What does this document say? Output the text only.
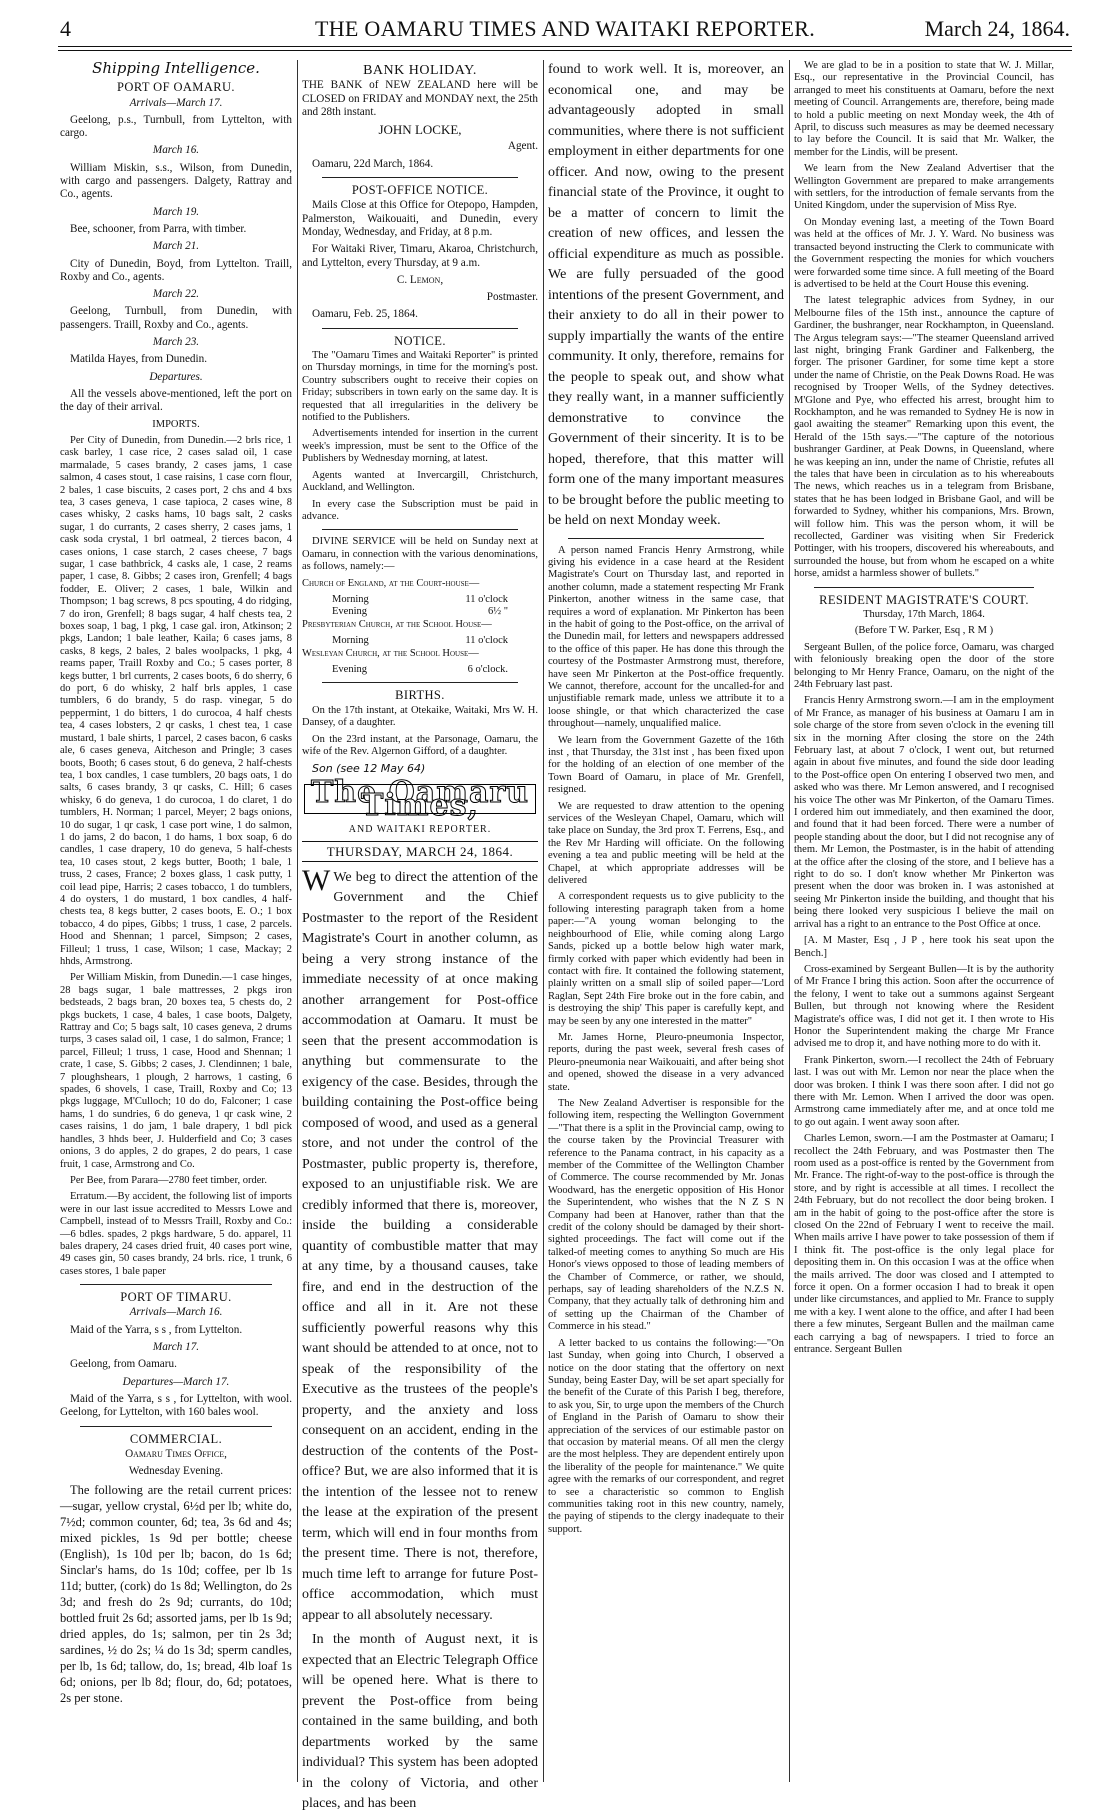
4	THE OAMARU TIMES AND WAITAKI REPORTER.	March 24, 1864.
Shipping Intelligence.
PORT OF OAMARU.

Arrivals—March 17.

Geelong, p.s., Turnbull, from Lyttelton, with cargo.

March 16.

William Miskin, s.s., Wilson, from Dunedin, with cargo and passengers. Dalgety, Rattray and Co., agents.

March 19.

Bee, schooner, from Parra, with timber.

March 21.

City of Dunedin, Boyd, from Lyttelton. Traill, Roxby and Co., agents.

March 22.

Geelong, Turnbull, from Dunedin, with passengers. Traill, Roxby and Co., agents.

March 23.

Matilda Hayes, from Dunedin.

Departures.

All the vessels above-mentioned, left the port on the day of their arrival.

IMPORTS.

Per City of Dunedin, from Dunedin.—2 brls rice, 1 cask barley, 1 case rice, 2 cases salad oil, 1 case marmalade, 5 cases brandy, 2 cases jams, 1 case salmon, 4 cases stout, 1 case raisins, 1 case corn flour, 2 bales, 1 case biscuits, 2 cases port, 2 chs and 4 bxs tea, 3 cases geneva, 1 case tapioca, 2 cases wine, 8 cases whisky, 2 casks hams, 10 bags salt, 2 casks sugar, 1 do currants, 2 cases sherry, 2 cases jams, 1 cask soda crystal, 1 brl oatmeal, 2 tierces bacon, 4 cases onions, 1 case starch, 2 cases cheese, 7 bags sugar, 1 case bathbrick, 4 casks ale, 1 case, 2 reams paper, 1 case, 8. Gibbs; 2 cases iron, Grenfell; 4 bags fodder, E. Oliver; 2 cases, 1 bale, Wilkin and Thompson; 1 bag screws, 8 pcs spouting, 4 do ridging, 7 do iron, Grenfell; 8 bags sugar, 4 half chests tea, 2 boxes soap, 1 bag, 1 pkg, 1 case gal. iron, Atkinson; 2 pkgs, Landon; 1 bale leather, Kaila; 6 cases jams, 8 casks, 8 kegs, 2 bales, 2 bales woolpacks, 1 pkg, 4 reams paper, Traill Roxby and Co.; 5 cases porter, 8 kegs butter, 1 brl currents, 2 cases boots, 6 do sherry, 6 do port, 6 do whisky, 2 half brls apples, 1 case tumblers, 6 do brandy, 5 do rasp. vinegar, 5 do peppermint, 1 do bitters, 1 do curocoa, 4 half chests tea, 4 cases lobsters, 2 qr casks, 1 chest tea, 1 case mustard, 1 bale shirts, 1 parcel, 2 cases bacon, 6 casks ale, 6 cases geneva, Aitcheson and Pringle; 3 cases boots, Booth; 6 cases stout, 6 do geneva, 2 half-chests tea, 1 box candles, 1 case tumblers, 20 bags oats, 1 do salts, 6 cases brandy, 3 qr casks, C. Hill; 6 cases whisky, 6 do geneva, 1 do curocoa, 1 do claret, 1 do tumblers, H. Norman; 1 parcel, Meyer; 2 bags onions, 10 do sugar, 1 qr cask, 1 case port wine, 1 do salmon, 1 do jams, 2 do bacon, 1 do hams, 1 box soap, 6 do candles, 1 case drapery, 10 do geneva, 5 half-chests tea, 10 cases stout, 2 kegs butter, Booth; 1 bale, 1 truss, 2 cases, France; 2 boxes glass, 1 cask putty, 1 coil lead pipe, Harris; 2 cases tobacco, 1 do tumblers, 4 do oysters, 1 do mustard, 1 box candles, 4 half-chests tea, 8 kegs butter, 2 cases boots, E. O.; 1 box tobacco, 4 do pipes, Gibbs; 1 truss, 1 case, 2 parcels. Hood and Shennan; 1 parcel, Simpson; 2 cases, Filleul; 1 truss, 1 case, Wilson; 1 case, Mackay; 2 hhds, Armstrong.

Per William Miskin, from Dunedin.—1 case hinges, 28 bags sugar, 1 bale mattresses, 2 pkgs iron bedsteads, 2 bags bran, 20 boxes tea, 5 chests do, 2 pkgs buckets, 1 case, 4 bales, 1 case boots, Dalgety, Rattray and Co; 5 bags salt, 10 cases geneva, 2 drums turps, 3 cases salad oil, 1 case, 1 do salmon, France; 1 parcel, Filleul; 1 truss, 1 case, Hood and Shennan; 1 crate, 1 case, S. Gibbs; 2 cases, J. Clendinnen; 1 bale, 7 ploughshears, 1 plough, 2 harrows, 1 casting, 6 spades, 6 shovels, 1 case, Traill, Roxby and Co; 13 pkgs luggage, M'Culloch; 10 do do, Falconer; 1 case hams, 1 do sundries, 6 do geneva, 1 qr cask wine, 2 cases raisins, 1 do jam, 1 bale drapery, 1 bdl pick handles, 3 hhds beer, J. Hulderfield and Co; 3 cases onions, 3 do apples, 2 do grapes, 2 do pears, 1 case fruit, 1 case, Armstrong and Co.

Per Bee, from Parara—2780 feet timber, order.

Erratum.—By accident, the following list of imports were in our last issue accredited to Messrs Lowe and Campbell, instead of to Messrs Traill, Roxby and Co.:—6 bdles. spades, 2 pkgs hardware, 5 do. apparel, 11 bales drapery, 24 cases dried fruit, 40 cases port wine, 49 cases gin, 50 cases brandy, 24 brls. rice, 1 trunk, 6 cases stores, 1 bale paper

PORT OF TIMARU.

Arrivals—March 16.

Maid of the Yarra, s s , from Lyttelton.

March 17.

Geelong, from Oamaru.

Departures—March 17.

Maid of the Yarra, s s , for Lyttelton, with wool. Geelong, for Lyttelton, with 160 bales wool.

COMMERCIAL.

Oamaru Times Office,

Wednesday Evening.

The following are the retail current prices:—sugar, yellow crystal, 6½d per lb; white do, 7½d; common counter, 6d; tea, 3s 6d and 4s; mixed pickles, 1s 9d per bottle; cheese (English), 1s 10d per lb; bacon, do 1s 6d; Sinclar's hams, do 1s 10d; coffee, per lb 1s 11d; butter, (cork) do 1s 8d; Wellington, do 2s 3d; and fresh do 2s 9d; currants, do 10d; bottled fruit 2s 6d; assorted jams, per lb 1s 9d; dried apples, do 1s; salmon, per tin 2s 3d; sardines, ½ do 2s; ¼ do 1s 3d; sperm candles, per lb, 1s 6d; tallow, do, 1s; bread, 4lb loaf 1s 6d; onions, per lb 8d; flour, do, 6d; potatoes, 2s per stone.

BANK HOLIDAY.

THE BANK of NEW ZEALAND here will be CLOSED on FRIDAY and MONDAY next, the 25th and 28th instant.

JOHN LOCKE,

Agent.

Oamaru, 22d March, 1864.

POST-OFFICE NOTICE.

Mails Close at this Office for Otepopo, Hampden, Palmerston, Waikouaiti, and Dunedin, every Monday, Wednesday, and Friday, at 8 p.m.

For Waitaki River, Timaru, Akaroa, Christchurch, and Lyttelton, every Thursday, at 9 a.m.

C. Lemon,

Postmaster.

Oamaru, Feb. 25, 1864.

NOTICE.

The "Oamaru Times and Waitaki Reporter" is printed on Thursday mornings, in time for the morning's post. Country subscribers ought to receive their copies on Friday; subscribers in town early on the same day. It is requested that all irregularities in the delivery be notified to the Publishers.

Advertisements intended for insertion in the current week's impression, must be sent to the Office of the Publishers by Wednesday morning, at latest.

Agents wanted at Invercargill, Christchurch, Auckland, and Wellington.

In every case the Subscription must be paid in advance.

DIVINE SERVICE will be held on Sunday next at Oamaru, in connection with the various denominations, as follows, namely:—

Church of England, at the Court-house—

Morning	11 o'clock
Evening	6½ "

Presbyterian Church, at the School House—

Morning	11 o'clock

Wesleyan Church, at the School House—

Evening	6 o'clock.
BIRTHS.

On the 17th instant, at Otekaike, Waitaki, Mrs W. H. Dansey, of a daughter.

On the 23rd instant, at the Parsonage, Oamaru, the wife of the Rev. Algernon Gifford, of a daughter.

Son (see 12 May 64)

The Oamaru Times,
AND WAITAKI REPORTER.
THURSDAY, MARCH 24, 1864.

W We beg to direct the attention of the Government and the Chief Postmaster to the report of the Resident Magistrate's Court in another column, as being a very strong instance of the immediate necessity of at once making another arrangement for Post-office accommodation at Oamaru. It must be seen that the present accommodation is anything but commensurate to the exigency of the case. Besides, through the building containing the Post-office being composed of wood, and used as a general store, and not under the control of the Postmaster, public property is, therefore, exposed to an unjustifiable risk. We are credibly informed that there is, moreover, inside the building a considerable quantity of combustible matter that may at any time, by a thousand causes, take fire, and end in the destruction of the office and all in it. Are not these sufficiently powerful reasons why this want should be attended to at once, not to speak of the responsibility of the Executive as the trustees of the people's property, and the anxiety and loss consequent on an accident, ending in the destruction of the contents of the Post-office? But, we are also informed that it is the intention of the lessee not to renew the lease at the expiration of the present term, which will end in four months from the present time. There is not, therefore, much time left to arrange for future Post-office accommodation, which must appear to all absolutely necessary.

In the month of August next, it is expected that an Electric Telegraph Office will be opened here. What is there to prevent the Post-office from being contained in the same building, and both departments worked by the same individual? This system has been adopted in the colony of Victoria, and other places, and has been

found to work well. It is, moreover, an economical one, and may be advantageously adopted in small communities, where there is not sufficient employment in either departments for one officer. And now, owing to the present financial state of the Province, it ought to be a matter of concern to limit the creation of new offices, and lessen the official expenditure as much as possible. We are fully persuaded of the good intentions of the present Government, and their anxiety to do all in their power to supply impartially the wants of the entire community. It only, therefore, remains for the people to speak out, and show what they really want, in a manner sufficiently demonstrative to convince the Government of their sincerity. It is to be hoped, therefore, that this matter will form one of the many important measures to be brought before the public meeting to be held on next Monday week.

A person named Francis Henry Armstrong, while giving his evidence in a case heard at the Resident Magistrate's Court on Thursday last, and reported in another column, made a statement respecting Mr Frank Pinkerton, another witness in the same case, that requires a word of explanation. Mr Pinkerton has been in the habit of going to the Post-office, on the arrival of the Dunedin mail, for letters and newspapers addressed to the office of this paper. He has done this through the courtesy of the Postmaster Armstrong must, therefore, have seen Mr Pinkerton at the Post-office frequently. We cannot, therefore, account for the uncalled-for and unjustifiable remark made, unless we attribute it to a loose shingle, or that which characterized the case throughout—namely, unqualified malice.

We learn from the Government Gazette of the 16th inst , that Thursday, the 31st inst , has been fixed upon for the holding of an election of one member of the Town Board of Oamaru, in place of Mr. Grenfell, resigned.

We are requested to draw attention to the opening services of the Wesleyan Chapel, Oamaru, which will take place on Sunday, the 3rd prox T. Ferrens, Esq., and the Rev Mr Harding will officiate. On the following evening a tea and public meeting will be held at the Chapel, at which appropriate addresses will be delivered

A correspondent requests us to give publicity to the following interesting paragraph taken from a home paper:—"A young woman belonging to the neighbourhood of Elie, while coming along Largo Sands, picked up a bottle below high water mark, firmly corked with paper which evidently had been in contact with fire. It contained the following statement, plainly written on a small slip of soiled paper—'Lord Raglan, Sept 24th Fire broke out in the fore cabin, and is destroying the ship' This paper is carefully kept, and may be seen by any one interested in the matter"

Mr. James Horne, Pleuro-pneumonia Inspector, reports, during the past week, several fresh cases of Pleuro-pneumonia near Waikouaiti, and after being shot and opened, showed the disease in a very advanced state.

The New Zealand Advertiser is responsible for the following item, respecting the Wellington Government —"That there is a split in the Provincial camp, owing to the course taken by the Provincial Treasurer with reference to the Panama contract, in his capacity as a member of the Committee of the Wellington Chamber of Commerce. The course recommended by Mr. Jonas Woodward, has the energetic opposition of His Honor the Superintendent, who wishes that the N Z S N Company had been at Hanover, rather than that the credit of the colony should be damaged by their short-sighted proceedings. The fact will come out if the talked-of meeting comes to anything So much are His Honor's views opposed to those of leading members of the Chamber of Commerce, or rather, we should, perhaps, say of leading shareholders of the N.Z.S N. Company, that they actually talk of dethroning him and of setting up the Chairman of the Chamber of Commerce in his stead."

A letter backed to us contains the following:—"On last Sunday, when going into Church, I observed a notice on the door stating that the offertory on next Sunday, being Easter Day, will be set apart specially for the benefit of the Curate of this Parish I beg, therefore, to ask you, Sir, to urge upon the members of the Church of England in the Parish of Oamaru to show their appreciation of the services of our estimable pastor on that occasion by material means. Of all men the clergy are the most helpless. They are dependent entirely upon the liberality of the people for maintenance." We quite agree with the remarks of our correspondent, and regret to see a characteristic so common to English communities taking root in this new country, namely, the paying of stipends to the clergy inadequate to their support.

We are glad to be in a position to state that W. J. Millar, Esq., our representative in the Provincial Council, has arranged to meet his constituents at Oamaru, before the next meeting of Council. Arrangements are, therefore, being made to hold a public meeting on next Monday week, the 4th of April, to discuss such measures as may be deemed necessary to lay before the Council. It is said that Mr. Walker, the member for the Lindis, will be present.

We learn from the New Zealand Advertiser that the Wellington Government are prepared to make arrangements with settlers, for the introduction of female servants from the United Kingdom, under the supervision of Miss Rye.

On Monday evening last, a meeting of the Town Board was held at the offices of Mr. J. Y. Ward. No business was transacted beyond instructing the Clerk to communicate with the Government respecting the monies for which vouchers were forwarded some time since. A full meeting of the Board is advertised to be held at the Court House this evening.

The latest telegraphic advices from Sydney, in our Melbourne files of the 15th inst., announce the capture of Gardiner, the bushranger, near Rockhampton, in Queensland. The Argus telegram says:—"The steamer Queensland arrived last night, bringing Frank Gardiner and Falkenberg, the forger. The prisoner Gardiner, for some time kept a store under the name of Christie, on the Peak Downs Road. He was recognised by Trooper Wells, of the Sydney detectives. M'Glone and Pye, who effected his arrest, brought him to Rockhampton, and he was remanded to Sydney He is now in gaol awaiting the steamer" Remarking upon this event, the Herald of the 15th says.—"The capture of the notorious bushranger Gardiner, at Peak Downs, in Queensland, where he was keeping an inn, under the name of Christie, refutes all the tales that have been in circulation as to his whereabouts The news, which reaches us in a telegram from Brisbane, states that he has been lodged in Brisbane Gaol, and will be forwarded to Sydney, whither his companions, Mrs. Brown, will follow him. This was the person whom, it will be recollected, Gardiner was visiting when Sir Frederick Pottinger, with his troopers, discovered his whereabouts, and surrounded the house, but from whom he escaped on a white horse, amidst a harmless shower of bullets."

RESIDENT MAGISTRATE'S COURT.

Thursday, 17th March, 1864.

(Before T W. Parker, Esq , R M )

Sergeant Bullen, of the police force, Oamaru, was charged with feloniously breaking open the door of the store belonging to Mr Henry France, Oamaru, on the night of the 24th February last past.

Francis Henry Armstrong sworn.—I am in the employment of Mr France, as manager of his business at Oamaru I am in sole charge of the store from seven o'clock in the evening till six in the morning After closing the store on the 24th February last, at about 7 o'clock, I went out, but returned again in about five minutes, and found the side door leading to the Post-office open On entering I observed two men, and asked who was there. Mr Lemon answered, and I recognised his voice The other was Mr Pinkerton, of the Oamaru Times. I ordered him out immediately, and then examined the door, and found that it had been forced. There were a number of people standing about the door, but I did not recognise any of them. Mr Lemon, the Postmaster, is in the habit of attending at the office after the closing of the store, and I believe has a right to do so. I don't know whether Mr Pinkerton was present when the door was broken in. I was astonished at seeing Mr Pinkerton inside the building, and thought that his being there looked very suspicious I believe the mail on arrival has a right to an entrance to the Post Office at once.

[A. M Master, Esq , J P , here took his seat upon the Bench.]

Cross-examined by Sergeant Bullen—It is by the authority of Mr France I bring this action. Soon after the occurrence of the felony, I went to take out a summons against Sergeant Bullen, but through not knowing where the Resident Magistrate's office was, I did not get it. I then wrote to His Honor the Superintendent making the charge Mr France advised me to drop it, and have nothing more to do with it.

Frank Pinkerton, sworn.—I recollect the 24th of February last. I was out with Mr. Lemon nor near the place when the door was broken. I think I was there soon after. I did not go there with Mr. Lemon. When I arrived the door was open. Armstrong came immediately after me, and at once told me to go out again. I went away soon after.

Charles Lemon, sworn.—I am the Postmaster at Oamaru; I recollect the 24th February, and was Postmaster then The room used as a post-office is rented by the Government from Mr. France. The right-of-way to the post-office is through the store, and by right is accessible at all times. I recollect the 24th February, but do not recollect the door being broken. I am in the habit of going to the post-office after the store is closed On the 22nd of February I went to receive the mail. When mails arrive I have power to take possession of them if I think fit. The post-office is the only legal place for depositing them in. On this occasion I was at the office when the mails arrived. The door was closed and I attempted to force it open. On a former occasion I had to break it open under like circumstances, and applied to Mr. France to supply me with a key. I went alone to the office, and after I had been there a few minutes, Sergeant Bullen and the mailman came each carrying a bag of newspapers. I tried to force an entrance. Sergeant Bullen
